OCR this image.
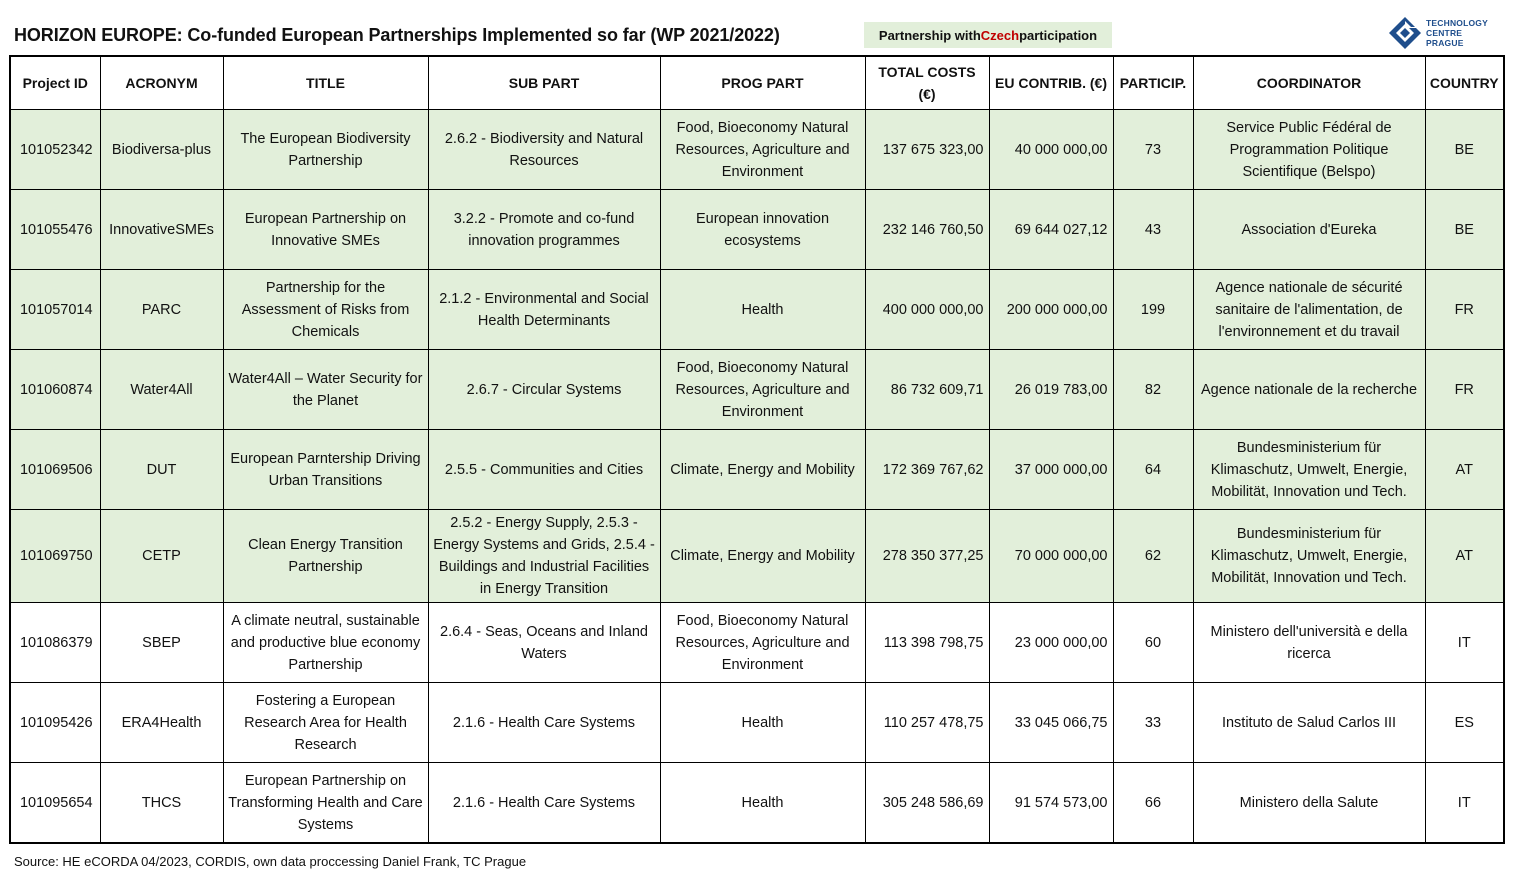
HORIZON EUROPE: Co-funded European Partnerships Implemented so far (WP 2021/2022)	Partnership with Czech participation
TECHNOLOGY
CENTRE PRAGUE
Project ID	ACRONYM	TITLE	SUB PART	PROG PART	TOTAL COSTS (€)	EU CONTRIB. (€)	PARTICIP.	COORDINATOR	COUNTRY
101052342	Biodiversa-plus	The European Biodiversity Partnership	2.6.2 - Biodiversity and Natural Resources	Food, Bioeconomy Natural Resources, Agriculture and Environment	137 675 323,00	40 000 000,00	73	Service Public Fédéral de Programmation Politique Scientifique (Belspo)	BE
101055476	InnovativeSMEs	European Partnership on Innovative SMEs	3.2.2 - Promote and co-fund innovation programmes	European innovation ecosystems	232 146 760,50	69 644 027,12	43	Association d'Eureka	BE
101057014	PARC	Partnership for the Assessment of Risks from Chemicals	2.1.2 - Environmental and Social Health Determinants	Health	400 000 000,00	200 000 000,00	199	Agence nationale de sécurité sanitaire de l'alimentation, de l'environnement et du travail	FR
101060874	Water4All	Water4All – Water Security for the Planet	2.6.7 - Circular Systems	Food, Bioeconomy Natural Resources, Agriculture and Environment	86 732 609,71	26 019 783,00	82	Agence nationale de la recherche	FR
101069506	DUT	European Parntership Driving Urban Transitions	2.5.5 - Communities and Cities	Climate, Energy and Mobility	172 369 767,62	37 000 000,00	64	Bundesministerium für Klimaschutz, Umwelt, Energie, Mobilität, Innovation und Tech.	AT
101069750	CETP	Clean Energy Transition Partnership	2.5.2 - Energy Supply, 2.5.3 - Energy Systems and Grids, 2.5.4 - Buildings and Industrial Facilities in Energy Transition	Climate, Energy and Mobility	278 350 377,25	70 000 000,00	62	Bundesministerium für Klimaschutz, Umwelt, Energie, Mobilität, Innovation und Tech.	AT
101086379	SBEP	A climate neutral, sustainable and productive blue economy Partnership	2.6.4 - Seas, Oceans and Inland Waters	Food, Bioeconomy Natural Resources, Agriculture and Environment	113 398 798,75	23 000 000,00	60	Ministero dell'università e della ricerca	IT
101095426	ERA4Health	Fostering a European Research Area for Health Research	2.1.6 - Health Care Systems	Health	110 257 478,75	33 045 066,75	33	Instituto de Salud Carlos III	ES
101095654	THCS	European Partnership on Transforming Health and Care Systems	2.1.6 - Health Care Systems	Health	305 248 586,69	91 574 573,00	66	Ministero della Salute	IT
Source: HE eCORDA 04/2023, CORDIS, own data proccessing Daniel Frank, TC Prague
